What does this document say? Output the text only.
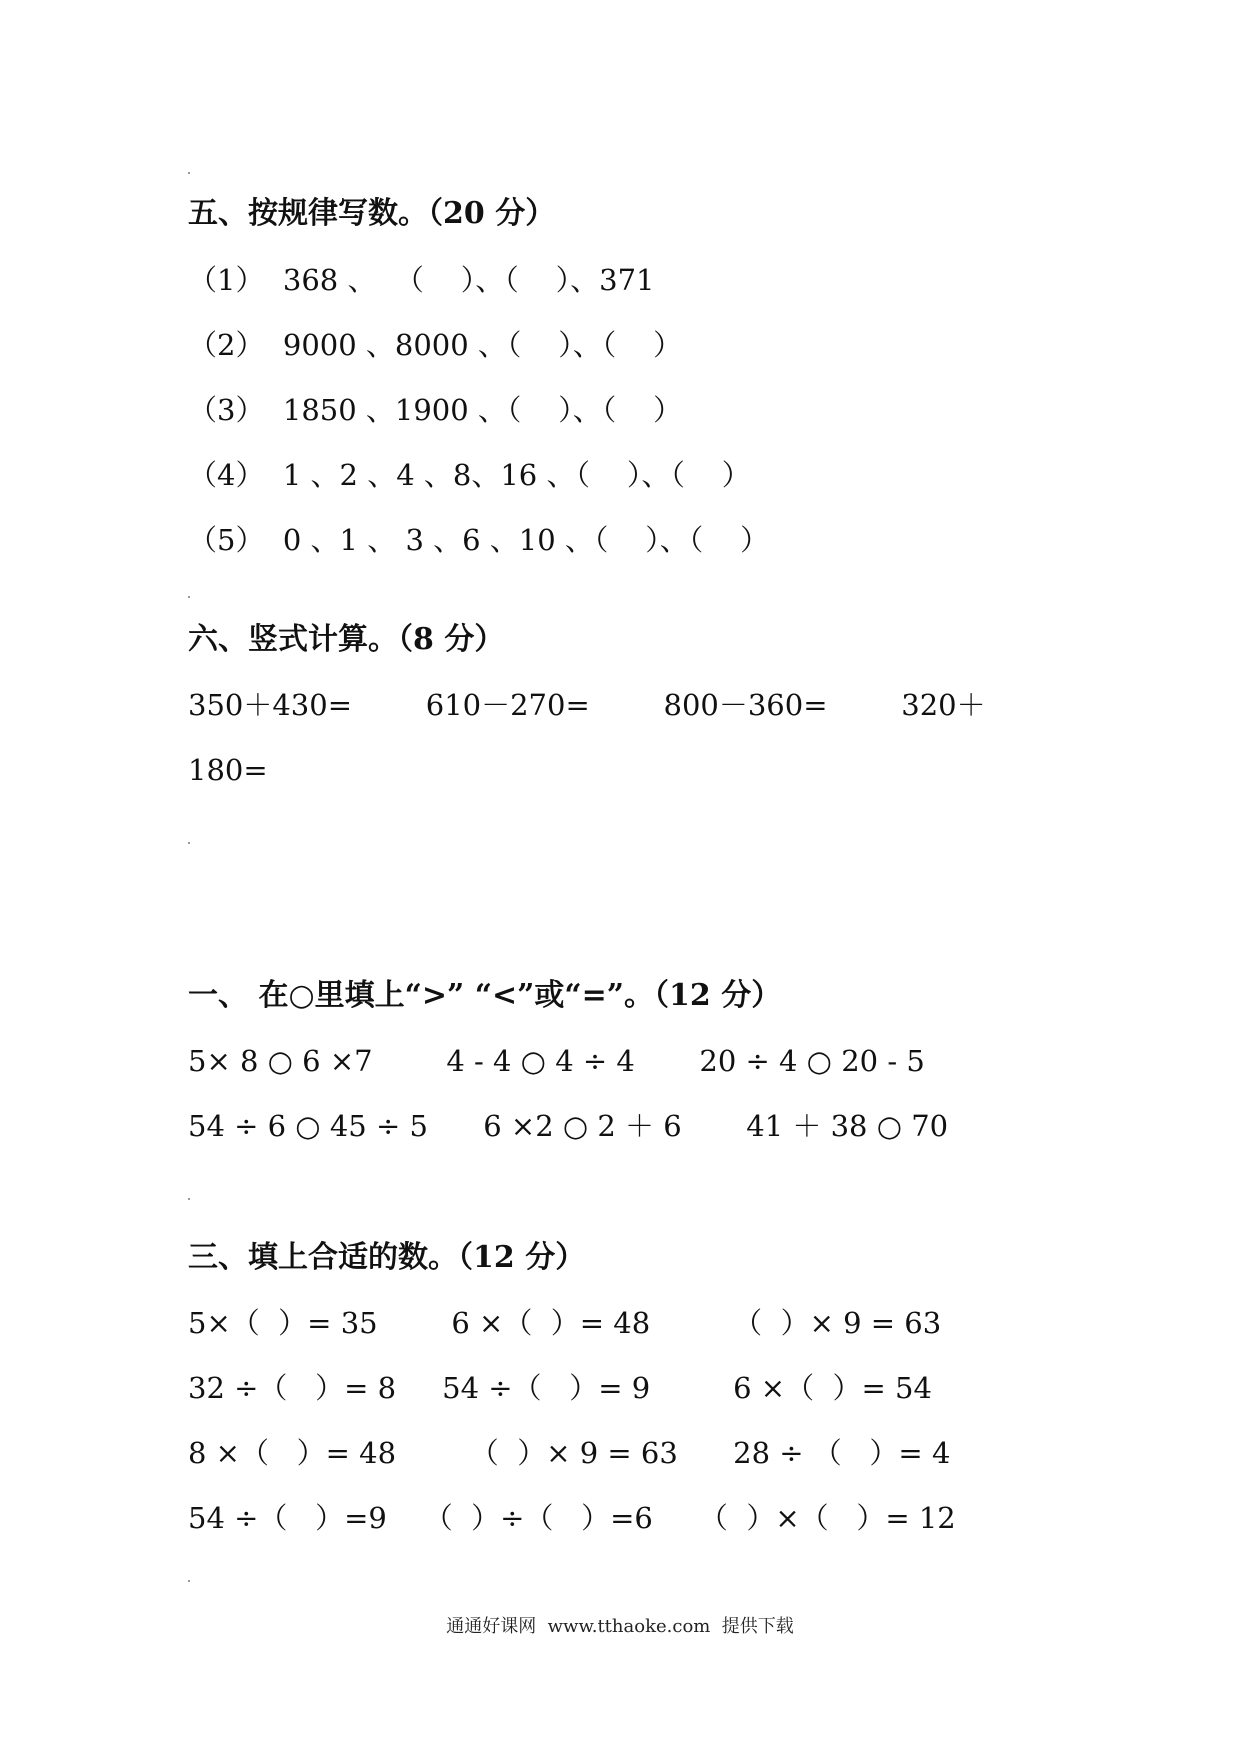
五、按规律写数。（20 分）
（1）  368 、  （    ）、（    ）、371
（2）  9000 、8000 、（    ）、（    ）
（3）  1850 、1900 、（    ）、（    ）
（4）  1 、2 、4 、8、16 、（    ）、（    ）
（5）  0 、1 、 3 、6 、10 、（    ）、（    ）
六、竖式计算。（8 分）
350＋430=        610－270=        800－360=        320＋
180=
一、 在○里填上“>” “<”或“=”。（12 分）
5× 8 ○ 6 ×7        4 - 4 ○ 4 ÷ 4       20 ÷ 4 ○ 20 - 5
54 ÷ 6 ○ 45 ÷ 5      6 ×2 ○ 2 ＋ 6       41 ＋ 38 ○ 70
三、填上合适的数。（12 分）
5×（  ）= 35        6 ×（  ）= 48         （  ）× 9 = 63
32 ÷（   ）= 8     54 ÷（   ）= 9         6 ×（  ）= 54
8 ×（   ）= 48        （  ）× 9 = 63      28 ÷ （   ）= 4
54 ÷（   ）=9    （  ）÷（   ）=6     （  ）×（   ）= 12
通通好课网  www.tthaoke.com  提供下载
